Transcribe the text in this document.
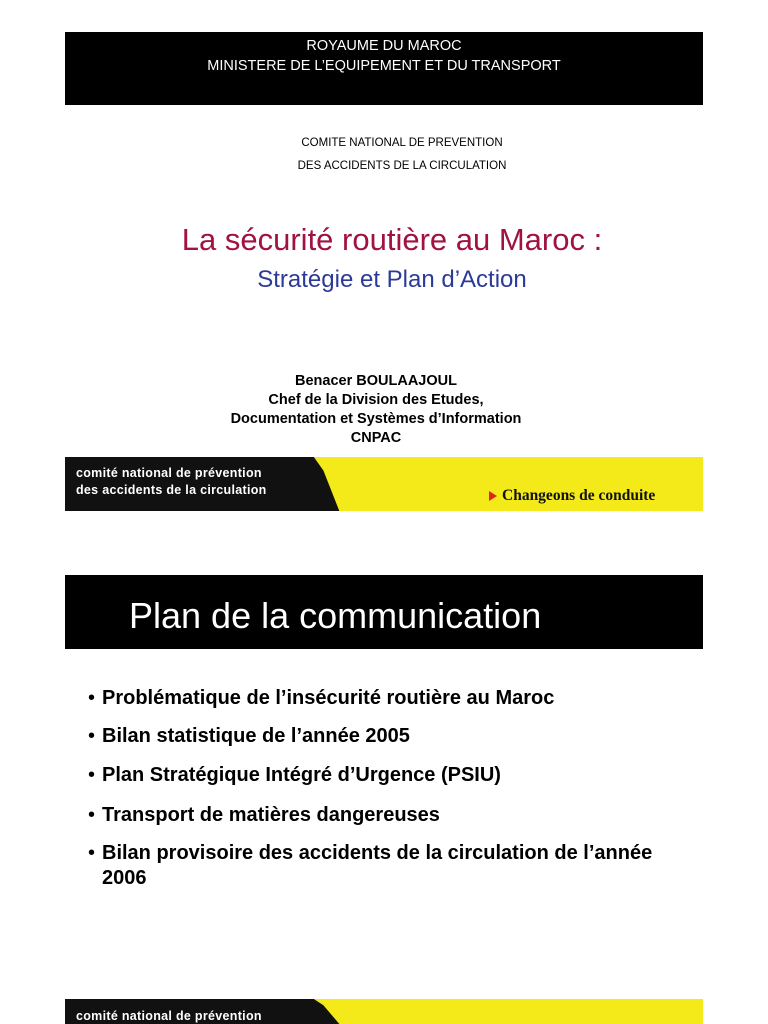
ROYAUME DU MAROC
MINISTERE DE L’EQUIPEMENT ET DU TRANSPORT
COMITE NATIONAL DE PREVENTION
DES ACCIDENTS DE LA CIRCULATION
La sécurité routière au Maroc :
Stratégie et Plan d’Action
Benacer BOULAAJOUL
Chef de la Division des Etudes,
Documentation et Systèmes d’Information
CNPAC
comité national de prévention
des accidents de la circulation	Changeons de conduite
Plan de la communication
• Problématique de l’insécurité routière au Maroc
• Bilan statistique de l’année 2005
• Plan Stratégique Intégré d’Urgence (PSIU)
• Transport de matières dangereuses
• Bilan provisoire des accidents de la circulation de l’année 2006
comité national de prévention
